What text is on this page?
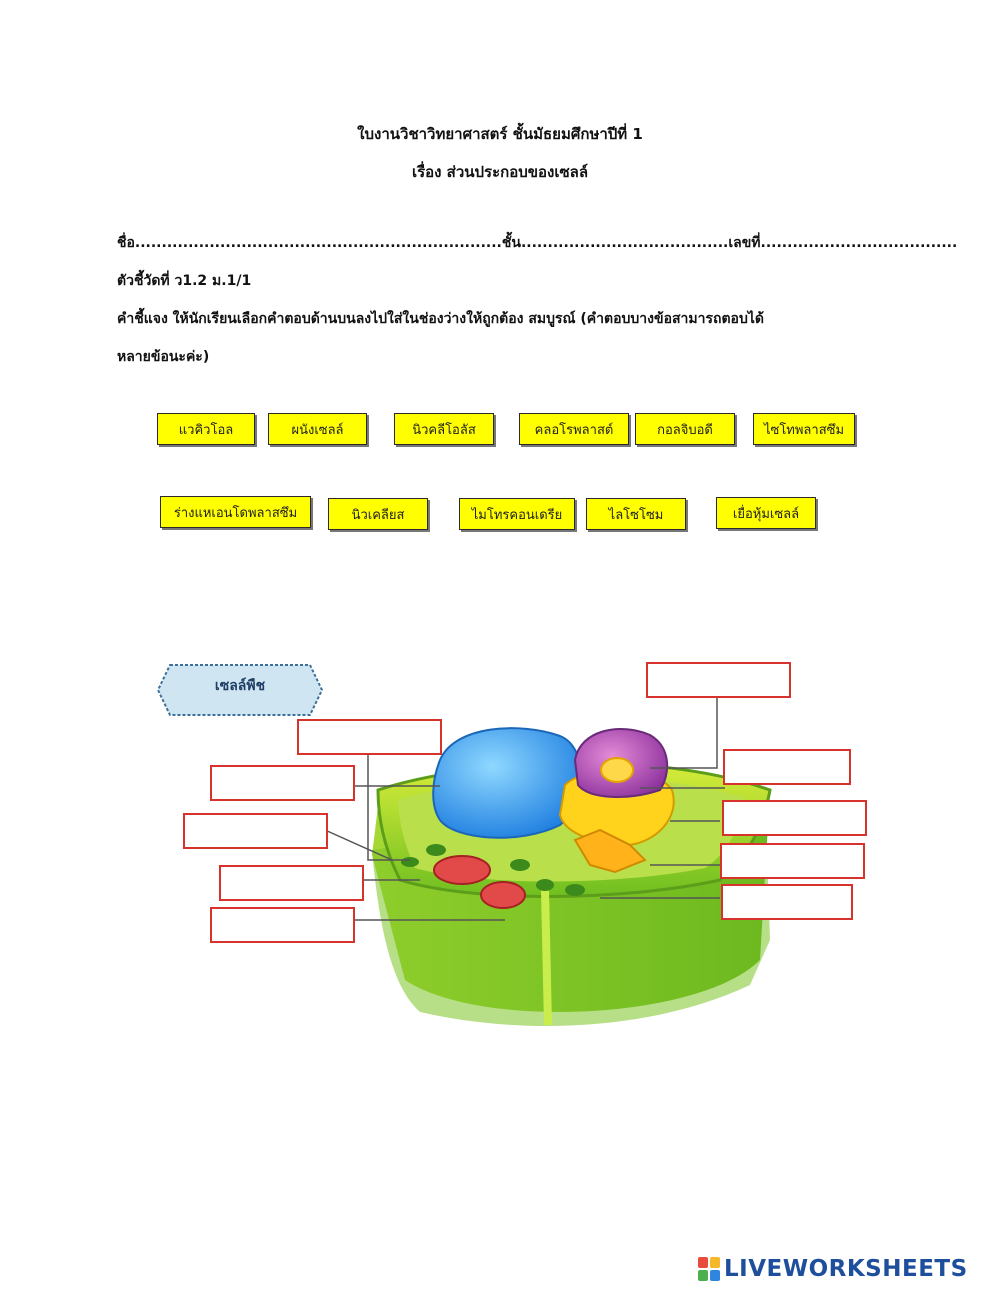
ใบงานวิชาวิทยาศาสตร์ ชั้นมัธยมศึกษาปีที่ 1
เรื่อง ส่วนประกอบของเซลล์
ชื่อ.....................................................................ชั้น.......................................เลขที่.....................................
ตัวชี้วัดที่ ว1.2 ม.1/1
คำชี้แจง ให้นักเรียนเลือกคำตอบด้านบนลงไปใส่ในช่องว่างให้ถูกต้อง สมบูรณ์ (คำตอบบางข้อสามารถตอบได้
หลายข้อนะค่ะ)
แวคิวโอล	ผนังเซลล์	นิวคลีโอลัส	คลอโรพลาสต์	กอลจิบอดี	ไซโทพลาสซึม
ร่างแหเอนโดพลาสซึม	นิวเคลียส	ไมโทรคอนเดรีย	ไลโซโซม	เยื่อหุ้มเซลล์
เซลล์พืช
LIVEWORKSHEETS
